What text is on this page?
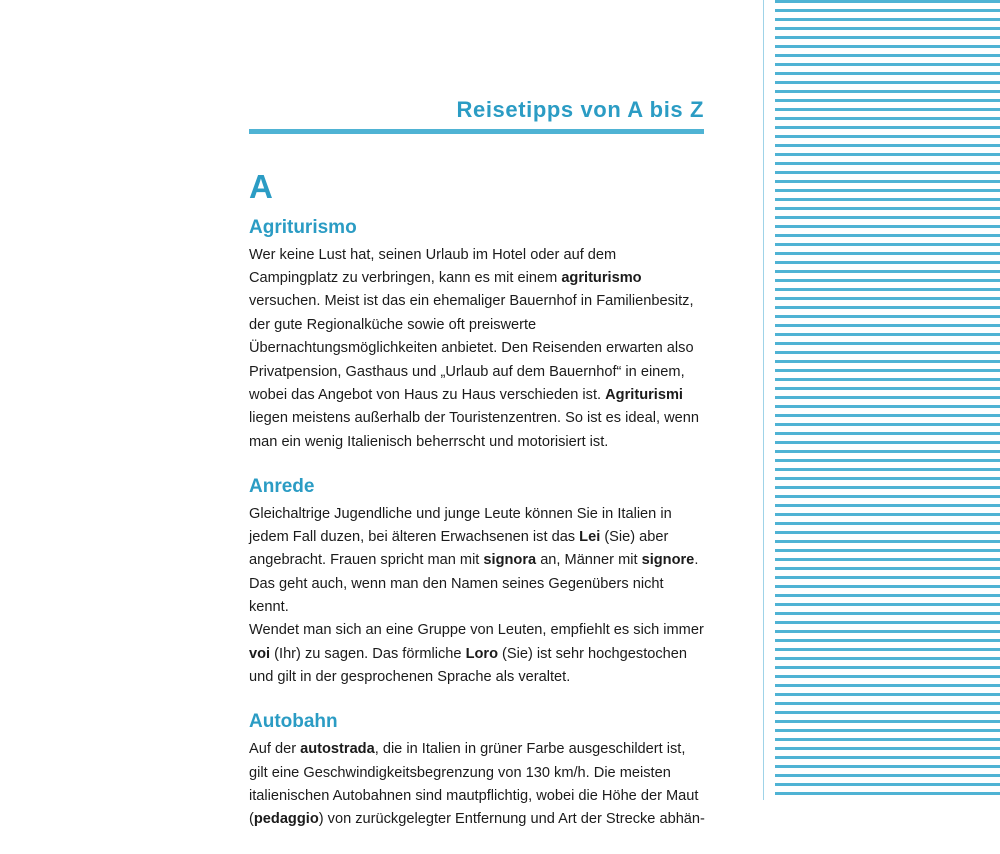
Reisetipps von A bis Z
A
Agriturismo

Wer keine Lust hat, seinen Urlaub im Hotel oder auf dem Campingplatz zu verbringen, kann es mit einem agriturismo versuchen. Meist ist das ein ehemaliger Bauernhof in Familienbesitz, der gute Regionalküche sowie oft preiswerte Übernachtungsmöglichkeiten anbietet. Den Reisenden erwarten also Privatpension, Gasthaus und „Urlaub auf dem Bauernhof“ in einem, wobei das Angebot von Haus zu Haus verschieden ist. Agriturismi liegen meistens außerhalb der Touristenzentren. So ist es ideal, wenn man ein wenig Italienisch beherrscht und motorisiert ist.

Anrede

Gleichaltrige Jugendliche und junge Leute können Sie in Italien in jedem Fall duzen, bei älteren Erwachsenen ist das Lei (Sie) aber angebracht. Frauen spricht man mit signora an, Männer mit signore. Das geht auch, wenn man den Namen seines Gegenübers nicht kennt.

Wendet man sich an eine Gruppe von Leuten, empfiehlt es sich immer voi (Ihr) zu sagen. Das förmliche Loro (Sie) ist sehr hochgestochen und gilt in der gesprochenen Sprache als veraltet.

Autobahn

Auf der autostrada, die in Italien in grüner Farbe ausgeschildert ist, gilt eine Geschwindigkeitsbegrenzung von 130 km/h. Die meisten italienischen Autobahnen sind mautpflichtig, wobei die Höhe der Maut (pedaggio) von zurückgelegter Entfernung und Art der Strecke abhän-
